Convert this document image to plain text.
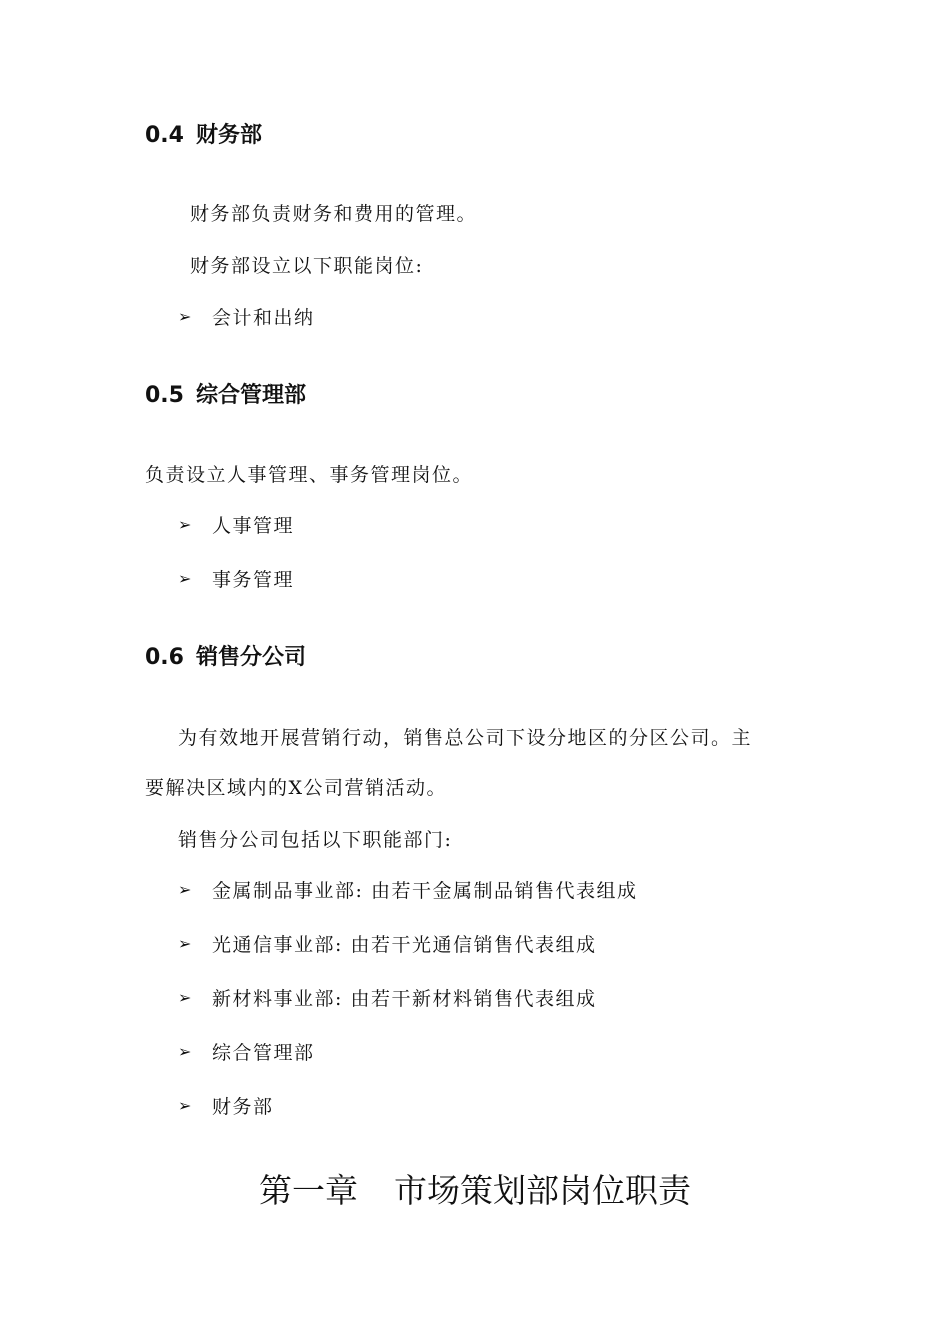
0.4 财务部
财务部负责财务和费用的管理。
财务部设立以下职能岗位:
➢	会计和出纳
0.5 综合管理部
负责设立人事管理、事务管理岗位。
➢	人事管理
➢	事务管理
0.6 销售分公司
为有效地开展营销行动，销售总公司下设分地区的分区公司。主
要解决区域内的X公司营销活动。
销售分公司包括以下职能部门:
➢	金属制品事业部: 由若干金属制品销售代表组成
➢	光通信事业部: 由若干光通信销售代表组成
➢	新材料事业部: 由若干新材料销售代表组成
➢	综合管理部
➢	财务部
第一章 市场策划部岗位职责
